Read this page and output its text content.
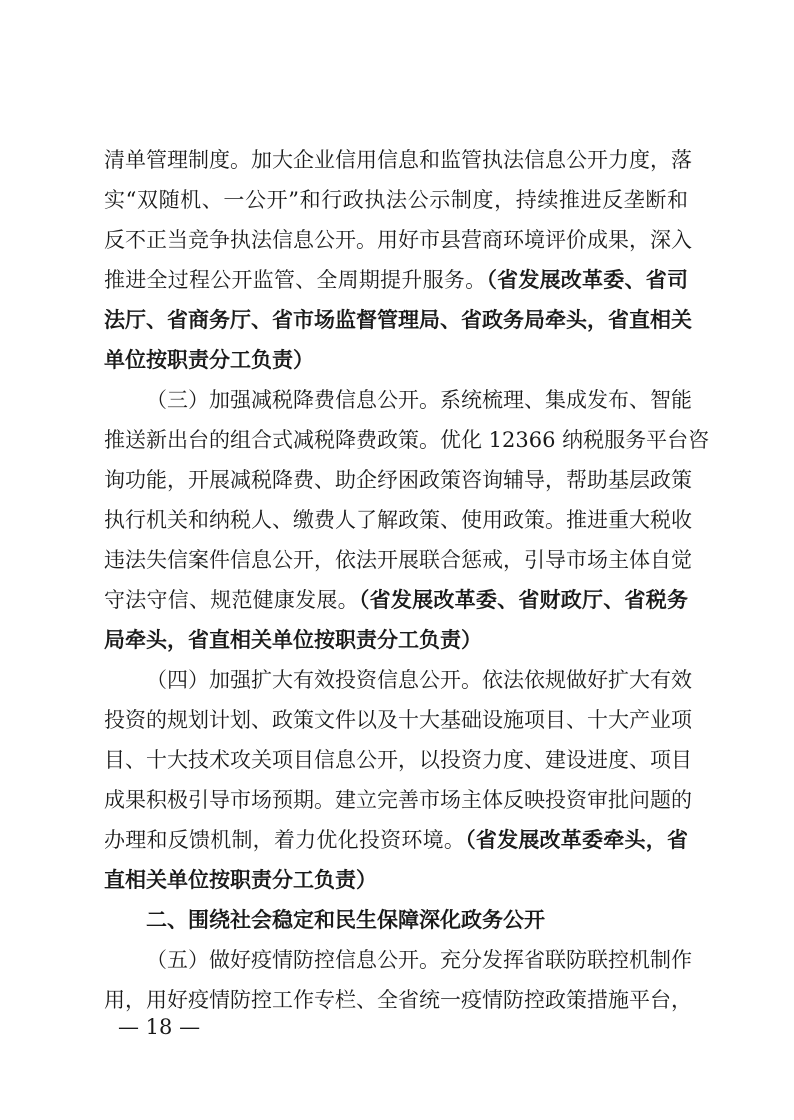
清单管理制度。加大企业信用信息和监管执法信息公开力度，落
实“双随机、一公开”和行政执法公示制度，持续推进反垄断和
反不正当竞争执法信息公开。用好市县营商环境评价成果，深入
推进全过程公开监管、全周期提升服务。（省发展改革委、省司
法厅、省商务厅、省市场监督管理局、省政务局牵头，省直相关
单位按职责分工负责）
（三）加强减税降费信息公开。系统梳理、集成发布、智能
推送新出台的组合式减税降费政策。优化 12366 纳税服务平台咨
询功能，开展减税降费、助企纾困政策咨询辅导，帮助基层政策
执行机关和纳税人、缴费人了解政策、使用政策。推进重大税收
违法失信案件信息公开，依法开展联合惩戒，引导市场主体自觉
守法守信、规范健康发展。（省发展改革委、省财政厅、省税务
局牵头，省直相关单位按职责分工负责）
（四）加强扩大有效投资信息公开。依法依规做好扩大有效
投资的规划计划、政策文件以及十大基础设施项目、十大产业项
目、十大技术攻关项目信息公开，以投资力度、建设进度、项目
成果积极引导市场预期。建立完善市场主体反映投资审批问题的
办理和反馈机制，着力优化投资环境。（省发展改革委牵头，省
直相关单位按职责分工负责）
二、围绕社会稳定和民生保障深化政务公开
（五）做好疫情防控信息公开。充分发挥省联防联控机制作
用，用好疫情防控工作专栏、全省统一疫情防控政策措施平台，
— 18 —
